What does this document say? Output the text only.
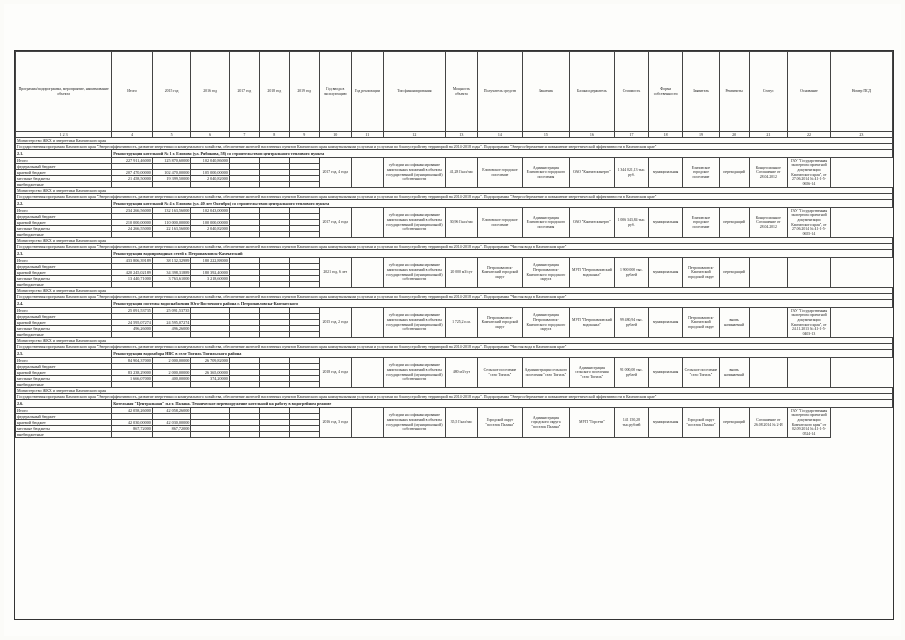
Программа/подпрограмма, мероприятие, наименование объекта	Итого	2015 год	2016 год	2017 год	2018 год	2019 год	Год ввода в эксплуатацию	Год реализации	Тип финансирования	Мощность объекта	Получатель средств	Заказчик	Балансодержатель	Стоимость	Форма собственности	Заявитель	Реквизиты	Статус	Основание	Номер ПСД
1 2 3	4	5	6	7	8	9	10	11	12	13	14	15	16	17	18	19	20	21	22	23
Министерство ЖКХ и энергетики Камчатского края																				
Государственная программа Камчатского края "Энергоэффективность, развитие энергетики и коммунального хозяйства, обеспечение жителей населенных пунктов Камчатского края коммунальными услугами и услугами по благоустройству территорий на 2014-2018 годы". Подпрограмма "Энергосбережение и повышение энергетической эффективности в Камчатском крае"																				
2.1.	Реконструкция котельной № 1 г. Елизово (ул. Рябикова, 58) со строительством центрального теплового пункта																			
Итого	227 911,46000	125 870,60000	102 040,86000				2017 год, 4 года		субсидии на софинансирование капитальных вложений в объекты государственной (муниципальной) собственности	41,28 Гкал/час	Елизовское городское поселение	Администрация Елизовского городского поселения	ОАО "Камчатскэнерго"	1 344 021,13 тыс. руб.	муниципальная	Елизовское городское поселение	переходящий	Концессионное Соглашение от 28.04.2012	ГАУ "Государственная экспертиза проектной документации Камчатского края", от 27.06.2014 № 41-1-5-0656-14	
федеральный бюджет																				
краевой бюджет	207 470,00000	102 470,00000	105 000,00000																	
местные бюджеты	21 458,50000	19 399,50000	2 040,82000																	
внебюджетные																				
Министерство ЖКХ и энергетики Камчатского края																				
Государственная программа Камчатского края "Энергоэффективность, развитие энергетики и коммунального хозяйства, обеспечение жителей населенных пунктов Камчатского края коммунальными услугами и услугами по благоустройству территорий на 2014-2018 годы". Подпрограмма "Энергосбережение и повышение энергетической эффективности в Камчатском крае"																				
2.2.	Реконструкция котельной № 4 г. Елизово (ул. 40 лет Октября) со строительством центрального теплового пункта																			
Итого	234 266,56000	132 163,56000	102 043,00000				2017 год, 4 года		субсидии на софинансирование капитальных вложений в объекты государственной (муниципальной) собственности	30,96 Гкал/час	Елизовское городское поселение	Администрация Елизовского городского поселения	ОАО "Камчатскэнерго"	1 006 343,84 тыс. руб.	муниципальная	Елизовское городское поселение	переходящий	Концессионное Соглашение от 28.04.2012	ГАУ "Государственная экспертиза проектной документации Камчатского края", от 27.06.2014 № 41-1-5-0655-14	
федеральный бюджет																				
краевой бюджет	210 000,00000	110 000,00000	100 000,00000																	
местные бюджеты	24 266,55000	22 163,56000	2 040,82000																	
внебюджетные																				
Министерство ЖКХ и энергетики Камчатского края																				
Государственная программа Камчатского края "Энергоэффективность, развитие энергетики и коммунального хозяйства, обеспечение жителей населенных пунктов Камчатского края коммунальными услугами и услугами по благоустройству территорий на 2014-2018 годы". Подпрограмма "Чистая вода в Камчатском крае"																				
2.3.	Реконструкция водопроводных сетей г. Петропавловск-Камчатский																			
Итого	433 806,39189	38 132,32989	180 222,88000				2021 год, 6 лет		субсидии на софинансирование капитальных вложений в объекты государственной (муниципальной) собственности	20 000 м3/сут	Петропавловск-Камчатский городской округ	Администрация Петропавловск-Камчатского городского округа	МУП "Петропавловский водоканал"	1 900 000 тыс. рублей	муниципальная	Петропавловск-Камчатский городской округ	переходящий			
федеральный бюджет																				
краевой бюджет	420 245,02189	34 398,31889	180 392,40000																	
местные бюджеты	13 440,71000	3 763,61000	3 218,60000																	
внебюджетные																				
Министерство ЖКХ и энергетики Камчатского края																				
Государственная программа Камчатского края "Энергоэффективность, развитие энергетики и коммунального хозяйства, обеспечение жителей населенных пунктов Камчатского края коммунальными услугами и услугами по благоустройству территорий на 2014-2018 годы". Подпрограмма "Чистая вода в Камчатском крае"																				
2.4.	Реконструкция системы водоснабжения Юго-Восточного района г. Петропавловска-Камчатского																			
Итого	25 091,53735	25 091,53735					2015 год, 2 года		субсидии на софинансирование капитальных вложений в объекты государственной (муниципальной) собственности	1 725,2 п.м.	Петропавловск-Камчатский городской округ	Администрация Петропавловск-Камчатского городского округа	МУП "Петропавловский водоканал"	99 480,94 тыс. рублей	муниципальная	Петропавловск-Камчатский городской округ	вновь начинаемый		ГАУ "Государственная экспертиза проектной документации Камчатского края", от 24.11.2013 № 41-1-5-0403-13	
федеральный бюджет																				
краевой бюджет	24 595,07274	24 595,07274																		
местные бюджеты	496,26000	496,26000																		
внебюджетные																				
Министерство ЖКХ и энергетики Камчатского края																				
Государственная программа Камчатского края "Энергоэффективность, развитие энергетики и коммунального хозяйства, обеспечение жителей населенных пунктов Камчатского края коммунальными услугами и услугами по благоустройству территорий на 2014-2018 годы". Подпрограмма "Чистая вода в Камчатском крае"																				
2.5.	Реконструкция водозабора НВС в селе Тигиль Тигильского района																			
Итого	84 904,37000	2 000,00000	26 709,82000				2018 год, 4 года		субсидии на софинансирование капитальных вложений в объекты государственной (муниципальной) собственности	480 м3/сут	Сельское поселение "село Тигиль"	Администрация сельского поселения "село Тигиль"	Администрация сельского поселения "село Тигиль"	91 000,00 тыс. рублей	муниципальная	Сельское поселение "село Тигиль"	вновь начинаемый			
федеральный бюджет																				
краевой бюджет	83 238,29000	2 000,00000	26 365,00000																	
местные бюджеты	1 666,07000	400,00000	374,20000																	
внебюджетные																				
Министерство ЖКХ и энергетики Камчатского края																				
Государственная программа Камчатского края "Энергоэффективность, развитие энергетики и коммунального хозяйства, обеспечение жителей населенных пунктов Камчатского края коммунальными услугами и услугами по благоустройству территорий на 2014-2018 годы". Подпрограмма "Энергосбережение и повышение энергетической эффективности в Камчатском крае"																				
2.6.	Котельная "Центральная" п.г.т. Палана. Техническое перевооружение котельной на работу в водогрейном режиме																			
Итого	42 058,26000	42 058,26000					2016 год, 3 года		субсидии на софинансирование капитальных вложений в объекты государственной (муниципальной) собственности	35,5 Гкал/час	Городской округ "поселок Палана"	Администрация городского округа "поселок Палана"	МУП "Горсети"	141 150,28 тыс.рублей	муниципальная	Городской округ "поселок Палана"	переходящий	Соглашение от 26.08.2014 № 2-И	ГАУ "Государственная экспертиза проектной документации Камчатского края" от 02.09.2014 № 41-1-5-0524-14	
федеральный бюджет																				
краевой бюджет	42 030,00000	42 030,00000																		
местные бюджеты	867,72000	867,72000																		
внебюджетные																				
